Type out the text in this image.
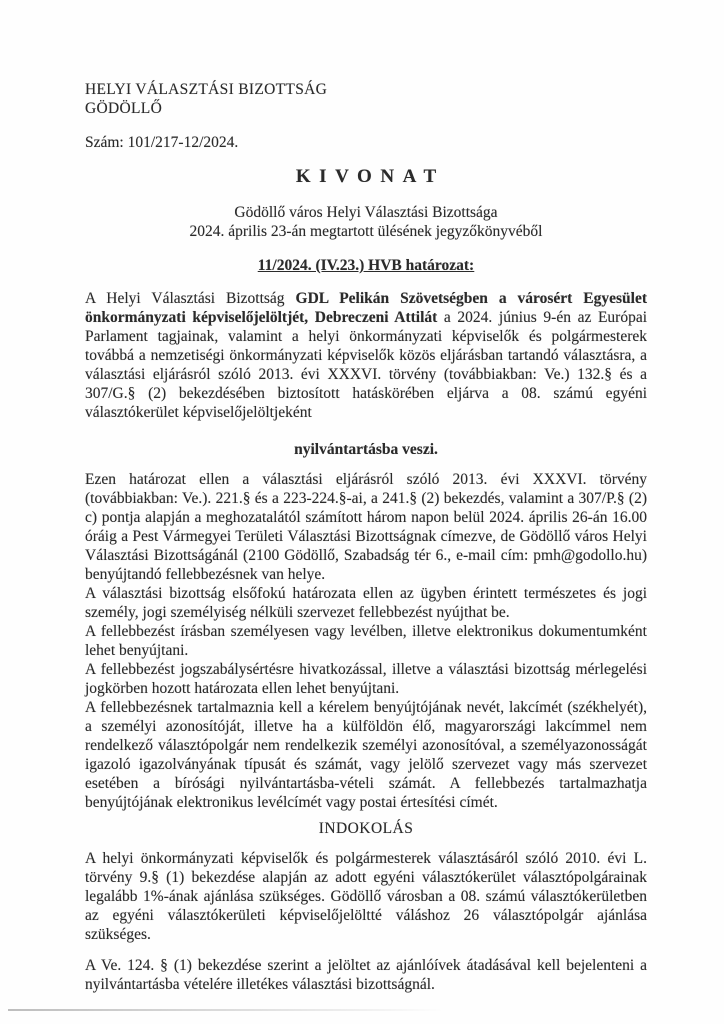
HELYI VÁLASZTÁSI BIZOTTSÁG

GÖDÖLLŐ

Szám: 101/217-12/2024.

KIVONAT

Gödöllő város Helyi Választási Bizottsága

2024. április 23-án megtartott ülésének jegyzőkönyvéből

11/2024. (IV.23.) HVB határozat:

A Helyi Választási Bizottság GDL Pelikán Szövetségben a városért Egyesület önkormányzati képviselőjelöltjét, Debreczeni Attilát a 2024. június 9-én az Európai Parlament tagjainak, valamint a helyi önkormányzati képviselők és polgármesterek továbbá a nemzetiségi önkormányzati képviselők közös eljárásban tartandó választásra, a választási eljárásról szóló 2013. évi XXXVI. törvény (továbbiakban: Ve.) 132.§ és a 307/G.§ (2) bekezdésében biztosított hatáskörében eljárva a 08. számú egyéni választókerület képviselőjelöltjeként

nyilvántartásba veszi.

Ezen határozat ellen a választási eljárásról szóló 2013. évi XXXVI. törvény (továbbiakban: Ve.). 221.§ és a 223-224.§-ai, a 241.§ (2) bekezdés, valamint a 307/P.§ (2) c) pontja alapján a meghozatalától számított három napon belül 2024. április 26-án 16.00 óráig a Pest Vármegyei Területi Választási Bizottságnak címezve, de Gödöllő város Helyi Választási Bizottságánál (2100 Gödöllő, Szabadság tér 6., e-mail cím: pmh@godollo.hu) benyújtandó fellebbezésnek van helye.

A választási bizottság elsőfokú határozata ellen az ügyben érintett természetes és jogi személy, jogi személyiség nélküli szervezet fellebbezést nyújthat be.

A fellebbezést írásban személyesen vagy levélben, illetve elektronikus dokumentumként lehet benyújtani.

A fellebbezést jogszabálysértésre hivatkozással, illetve a választási bizottság mérlegelési jogkörben hozott határozata ellen lehet benyújtani.

A fellebbezésnek tartalmaznia kell a kérelem benyújtójának nevét, lakcímét (székhelyét), a személyi azonosítóját, illetve ha a külföldön élő, magyarországi lakcímmel nem rendelkező választópolgár nem rendelkezik személyi azonosítóval, a személyazonosságát igazoló igazolványának típusát és számát, vagy jelölő szervezet vagy más szervezet esetében a bírósági nyilvántartásba-vételi számát. A fellebbezés tartalmazhatja benyújtójának elektronikus levélcímét vagy postai értesítési címét.

INDOKOLÁS

A helyi önkormányzati képviselők és polgármesterek választásáról szóló 2010. évi L. törvény 9.§ (1) bekezdése alapján az adott egyéni választókerület választópolgárainak legalább 1%-ának ajánlása szükséges. Gödöllő városban a 08. számú választókerületben az egyéni választókerületi képviselőjelöltté váláshoz 26 választópolgár ajánlása szükséges.

A Ve. 124. § (1) bekezdése szerint a jelöltet az ajánlóívek átadásával kell bejelenteni a nyilvántartásba vételére illetékes választási bizottságnál.
